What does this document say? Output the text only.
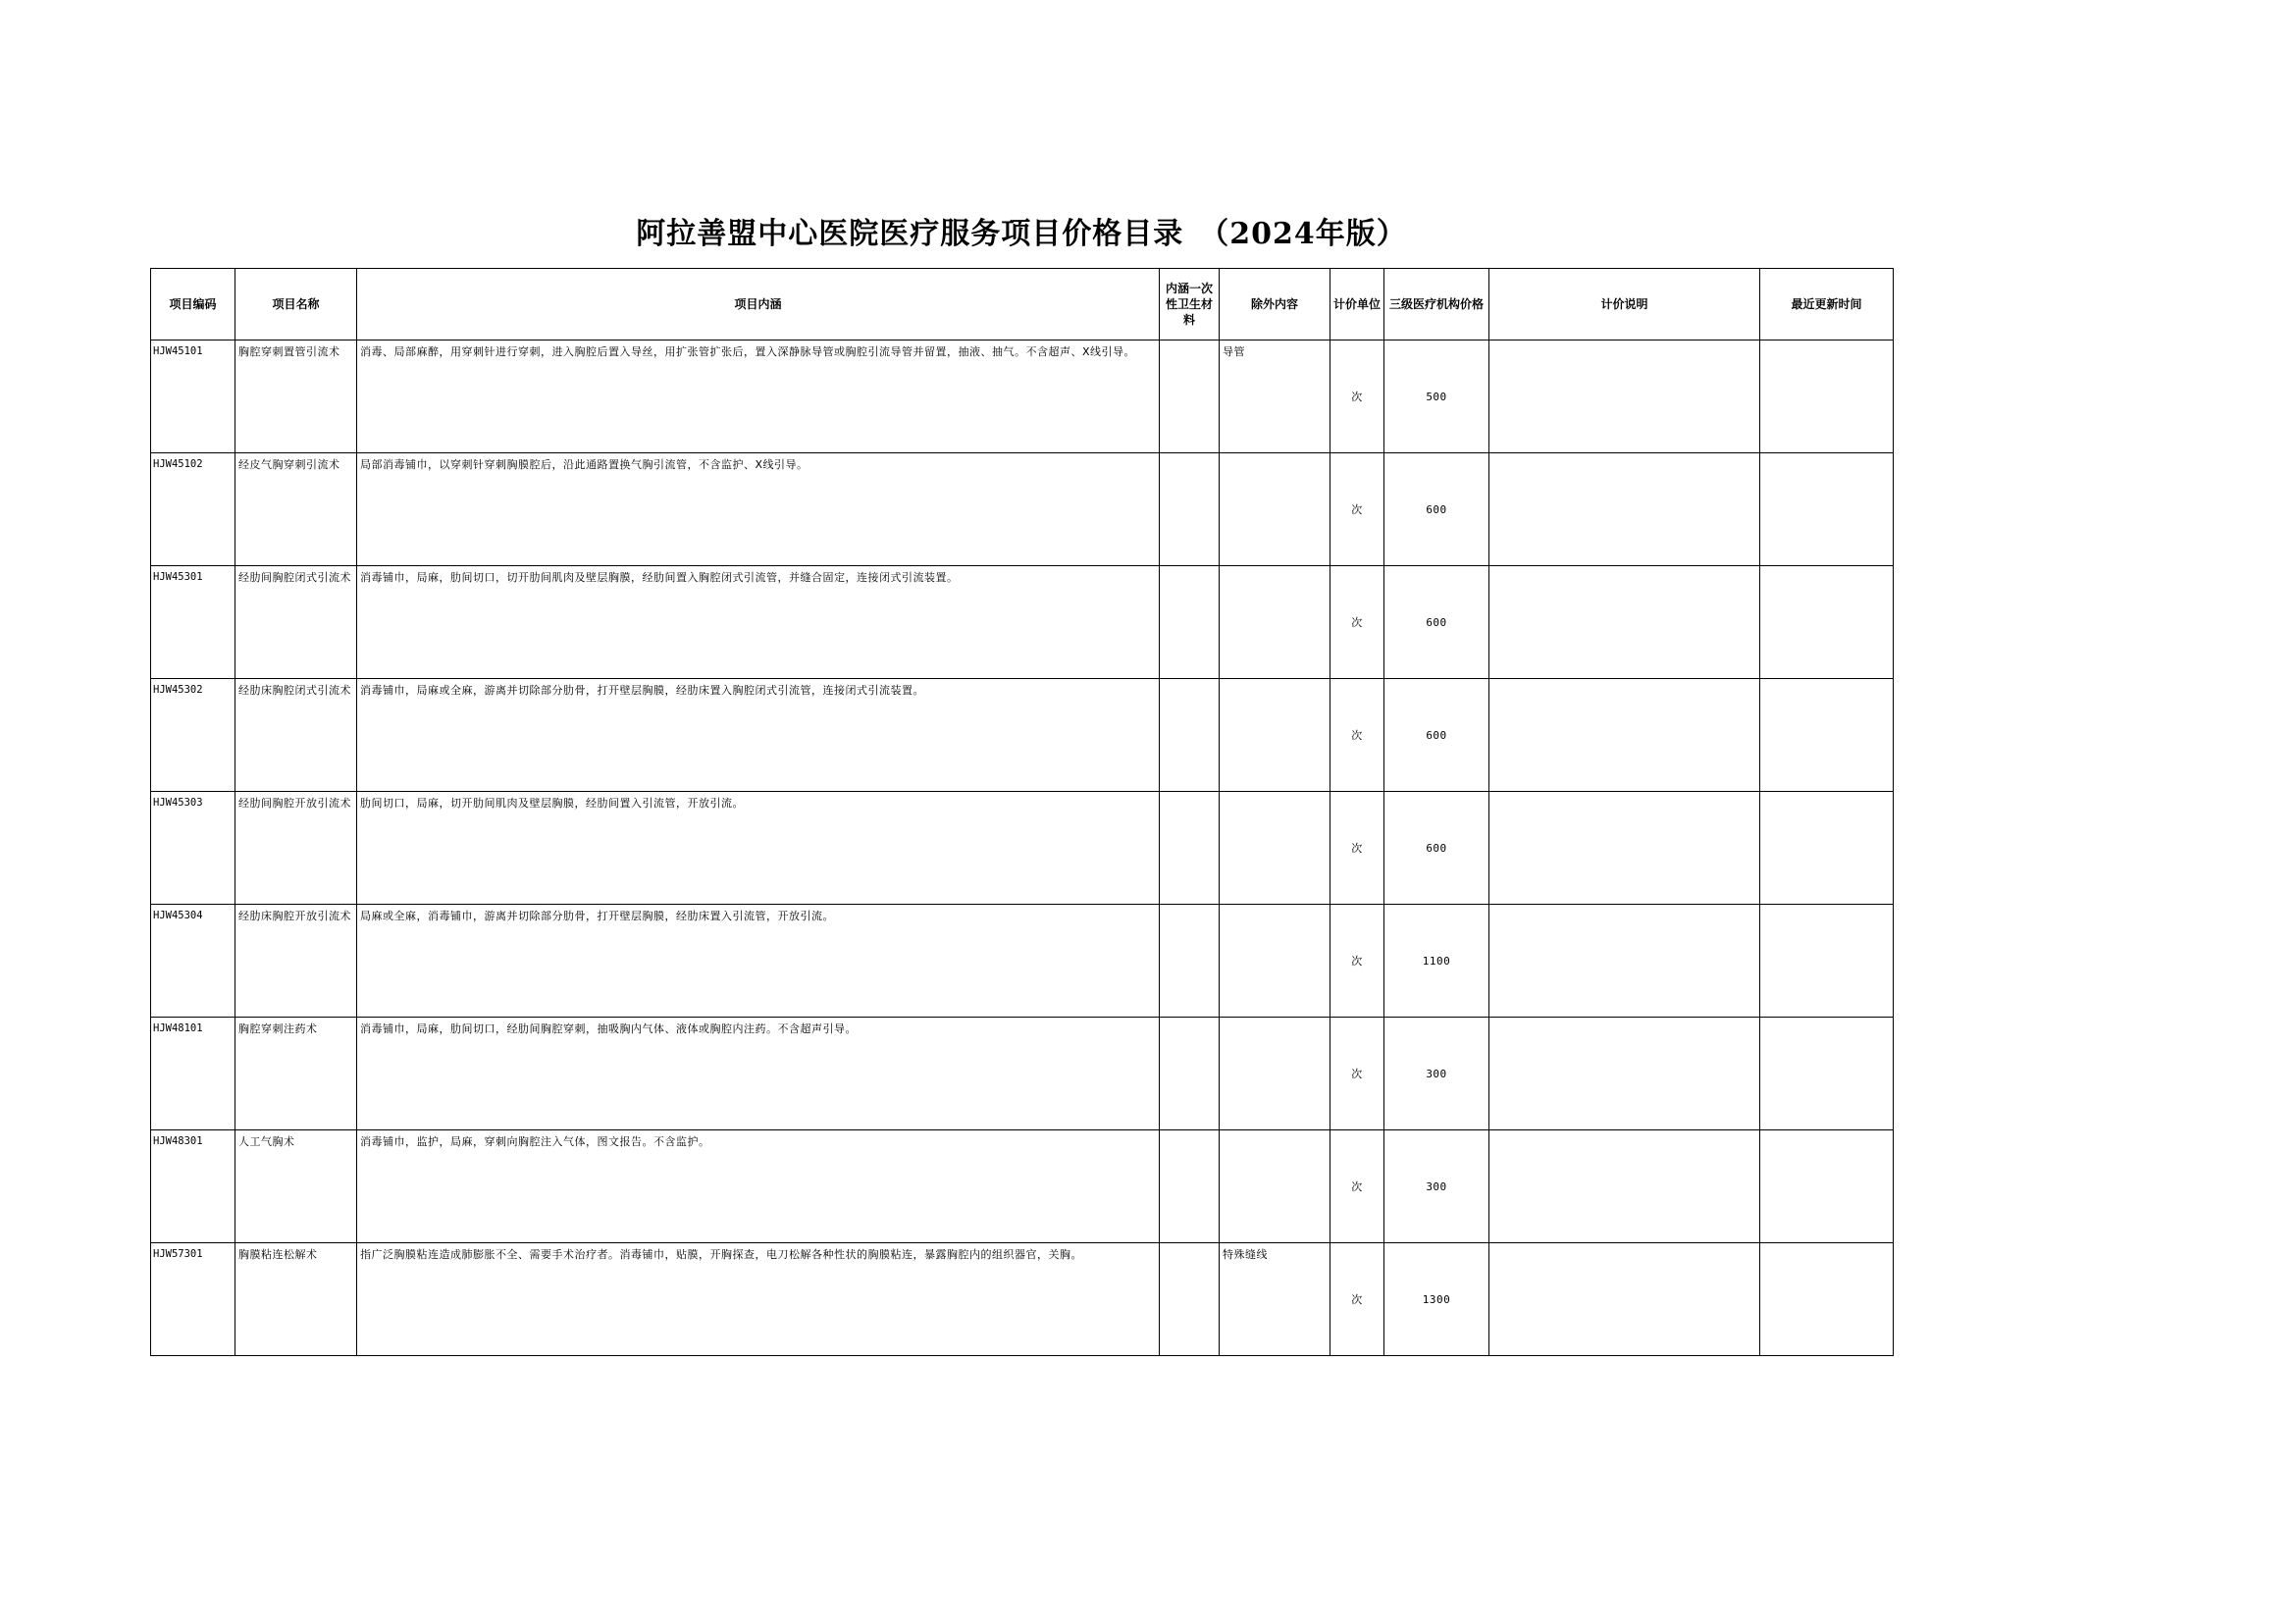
阿拉善盟中心医院医疗服务项目价格目录　（2024年版）
项目编码	项目名称	项目内涵	内涵一次性卫生材料	除外内容	计价单位	三级医疗机构价格	计价说明	最近更新时间
HJW45101	胸腔穿刺置管引流术	消毒、局部麻醉，用穿刺针进行穿刺，进入胸腔后置入导丝，用扩张管扩张后，置入深静脉导管或胸腔引流导管并留置，抽液、抽气。不含超声、X线引导。		导管	次	500		
HJW45102	经皮气胸穿刺引流术	局部消毒铺巾，以穿刺针穿刺胸膜腔后，沿此通路置换气胸引流管，不含监护、X线引导。			次	600		
HJW45301	经肋间胸腔闭式引流术	消毒铺巾，局麻，肋间切口，切开肋间肌肉及壁层胸膜，经肋间置入胸腔闭式引流管，并缝合固定，连接闭式引流装置。			次	600		
HJW45302	经肋床胸腔闭式引流术	消毒铺巾，局麻或全麻，游离并切除部分肋骨，打开壁层胸膜，经肋床置入胸腔闭式引流管，连接闭式引流装置。			次	600		
HJW45303	经肋间胸腔开放引流术	肋间切口，局麻，切开肋间肌肉及壁层胸膜，经肋间置入引流管，开放引流。			次	600		
HJW45304	经肋床胸腔开放引流术	局麻或全麻，消毒铺巾，游离并切除部分肋骨，打开壁层胸膜，经肋床置入引流管，开放引流。			次	1100		
HJW48101	胸腔穿刺注药术	消毒铺巾，局麻，肋间切口，经肋间胸腔穿刺，抽吸胸内气体、液体或胸腔内注药。不含超声引导。			次	300		
HJW48301	人工气胸术	消毒铺巾，监护，局麻，穿刺向胸腔注入气体，图文报告。不含监护。			次	300		
HJW57301	胸膜粘连松解术	指广泛胸膜粘连造成肺膨胀不全、需要手术治疗者。消毒铺巾，贴膜，开胸探查，电刀松解各种性状的胸膜粘连，暴露胸腔内的组织器官，关胸。		特殊缝线	次	1300		
